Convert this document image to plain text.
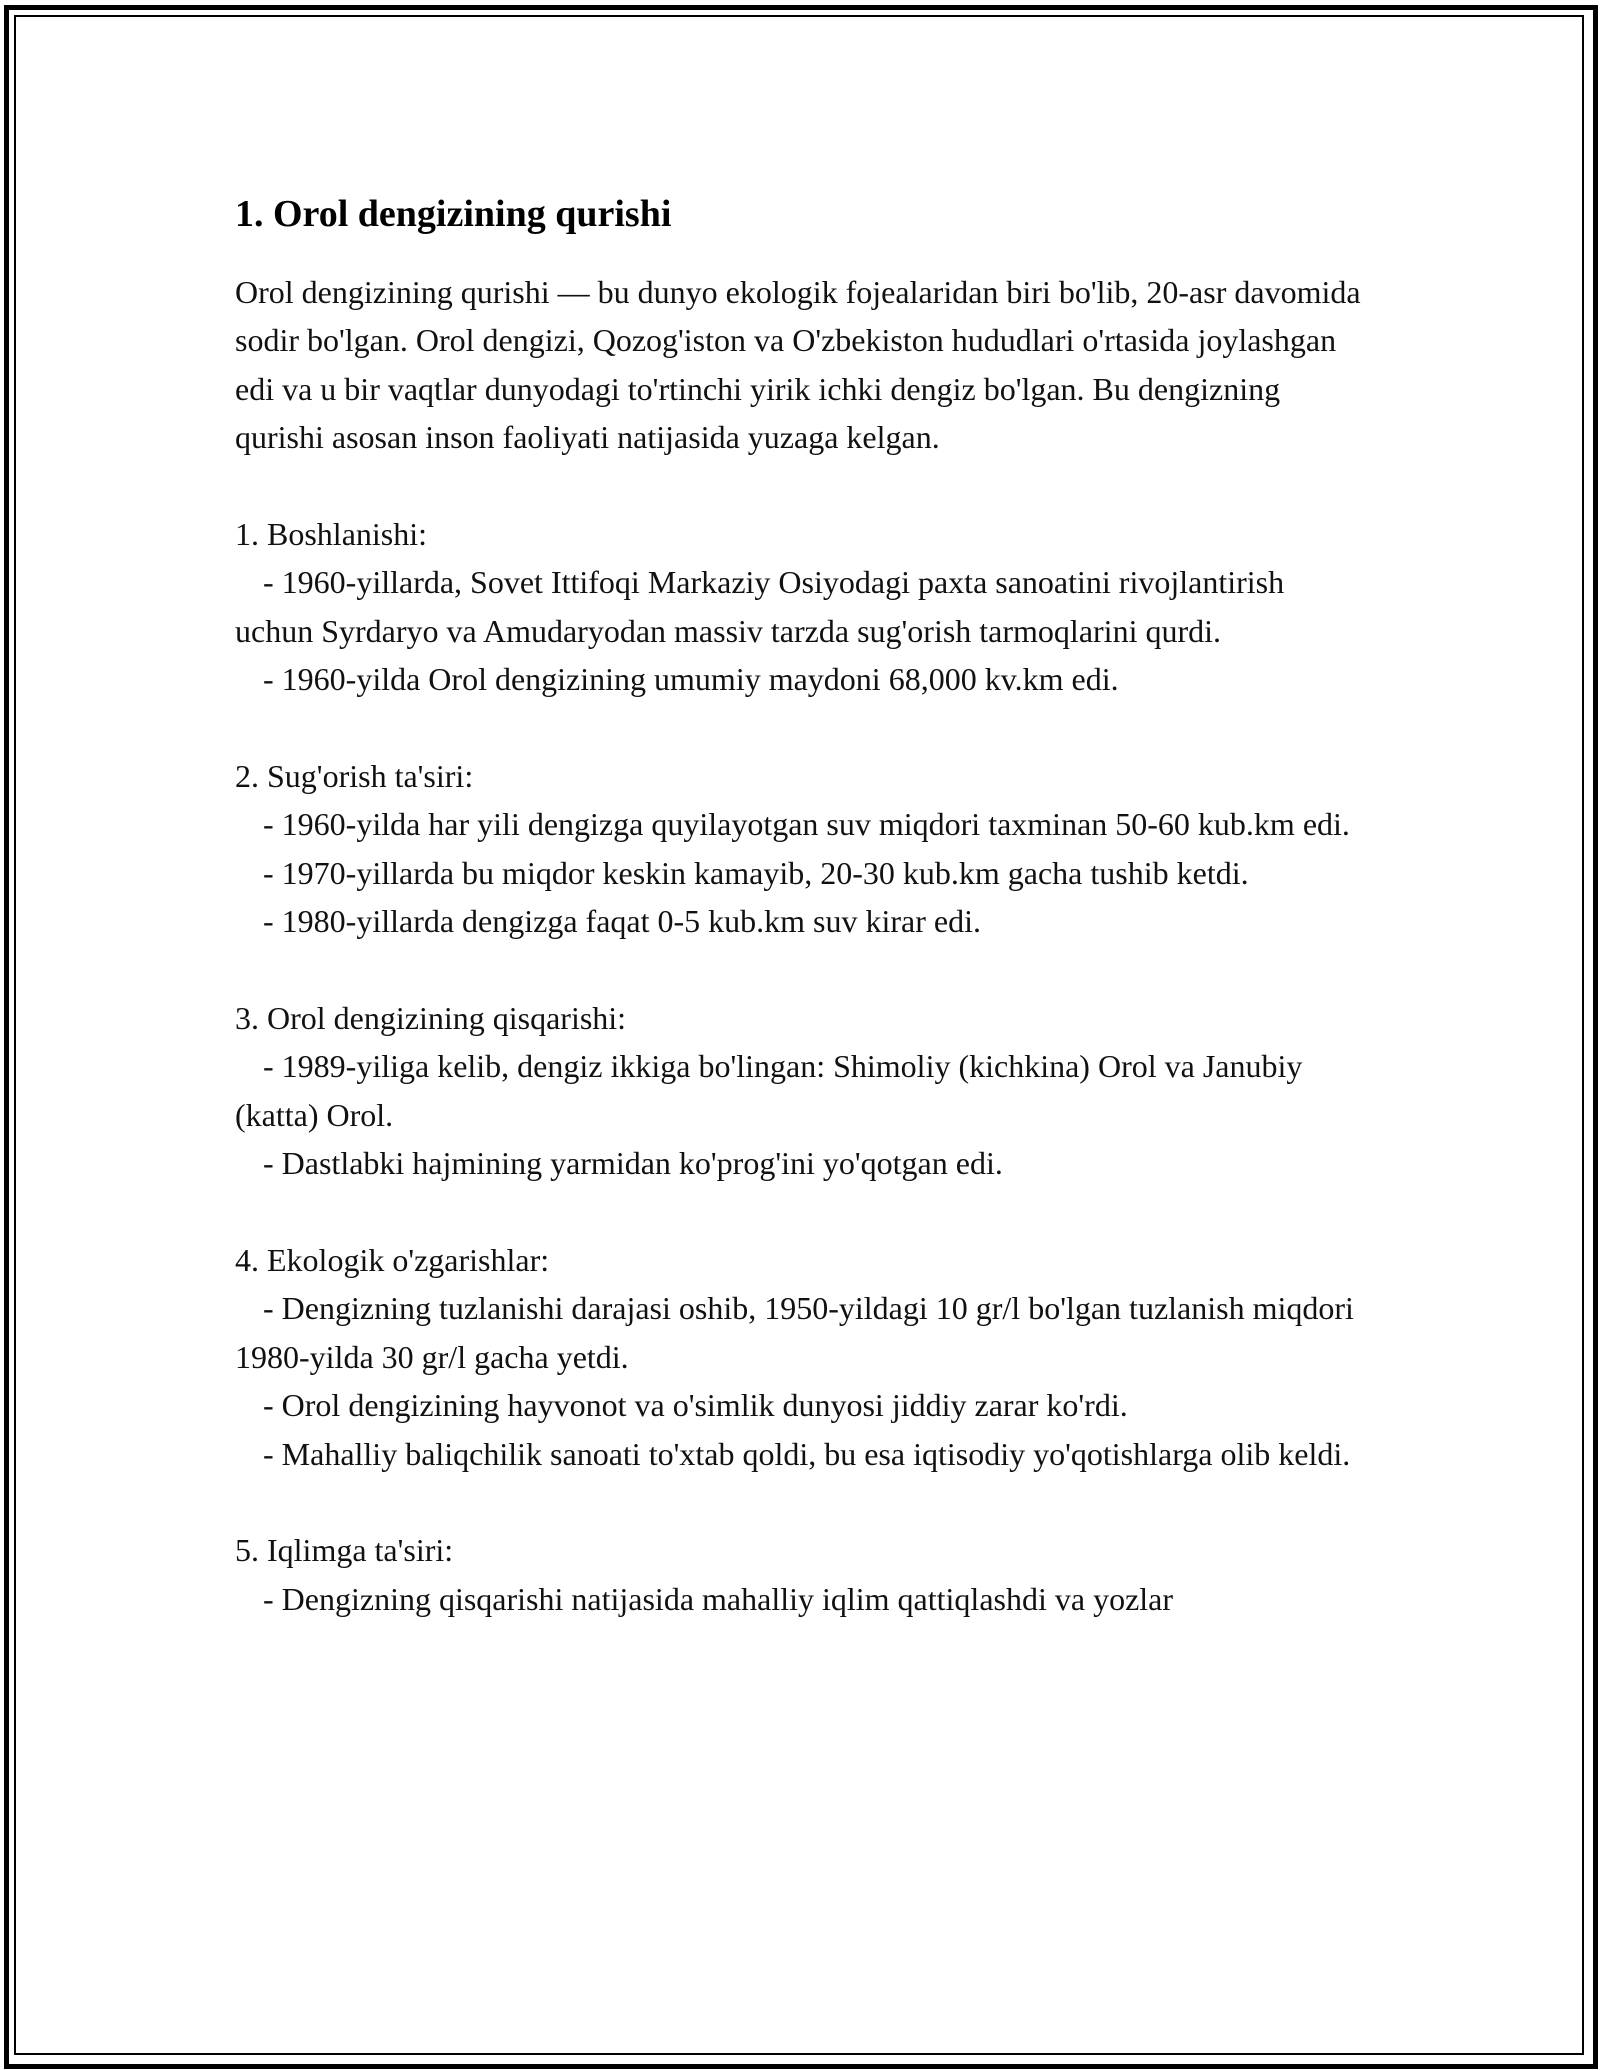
1. Orol dengizining qurishi

Orol dengizining qurishi — bu dunyo ekologik fojealaridan biri bo'lib, 20-asr davomida sodir bo'lgan. Orol dengizi, Qozog'iston va O'zbekiston hududlari o'rtasida joylashgan edi va u bir vaqtlar dunyodagi to'rtinchi yirik ichki dengiz bo'lgan. Bu dengizning qurishi asosan inson faoliyati natijasida yuzaga kelgan.

1. Boshlanishi:

- 1960-yillarda, Sovet Ittifoqi Markaziy Osiyodagi paxta sanoatini rivojlantirish uchun Syrdaryo va Amudaryodan massiv tarzda sug'orish tarmoqlarini qurdi.

- 1960-yilda Orol dengizining umumiy maydoni 68,000 kv.km edi.

2. Sug'orish ta'siri:

- 1960-yilda har yili dengizga quyilayotgan suv miqdori taxminan 50-60 kub.km edi.

- 1970-yillarda bu miqdor keskin kamayib, 20-30 kub.km gacha tushib ketdi.

- 1980-yillarda dengizga faqat 0-5 kub.km suv kirar edi.

3. Orol dengizining qisqarishi:

- 1989-yiliga kelib, dengiz ikkiga bo'lingan: Shimoliy (kichkina) Orol va Janubiy (katta) Orol.

- Dastlabki hajmining yarmidan ko'prog'ini yo'qotgan edi.

4. Ekologik o'zgarishlar:

- Dengizning tuzlanishi darajasi oshib, 1950-yildagi 10 gr/l bo'lgan tuzlanish miqdori 1980-yilda 30 gr/l gacha yetdi.

- Orol dengizining hayvonot va o'simlik dunyosi jiddiy zarar ko'rdi.

- Mahalliy baliqchilik sanoati to'xtab qoldi, bu esa iqtisodiy yo'qotishlarga olib keldi.

5. Iqlimga ta'siri:

- Dengizning qisqarishi natijasida mahalliy iqlim qattiqlashdi va yozlar
